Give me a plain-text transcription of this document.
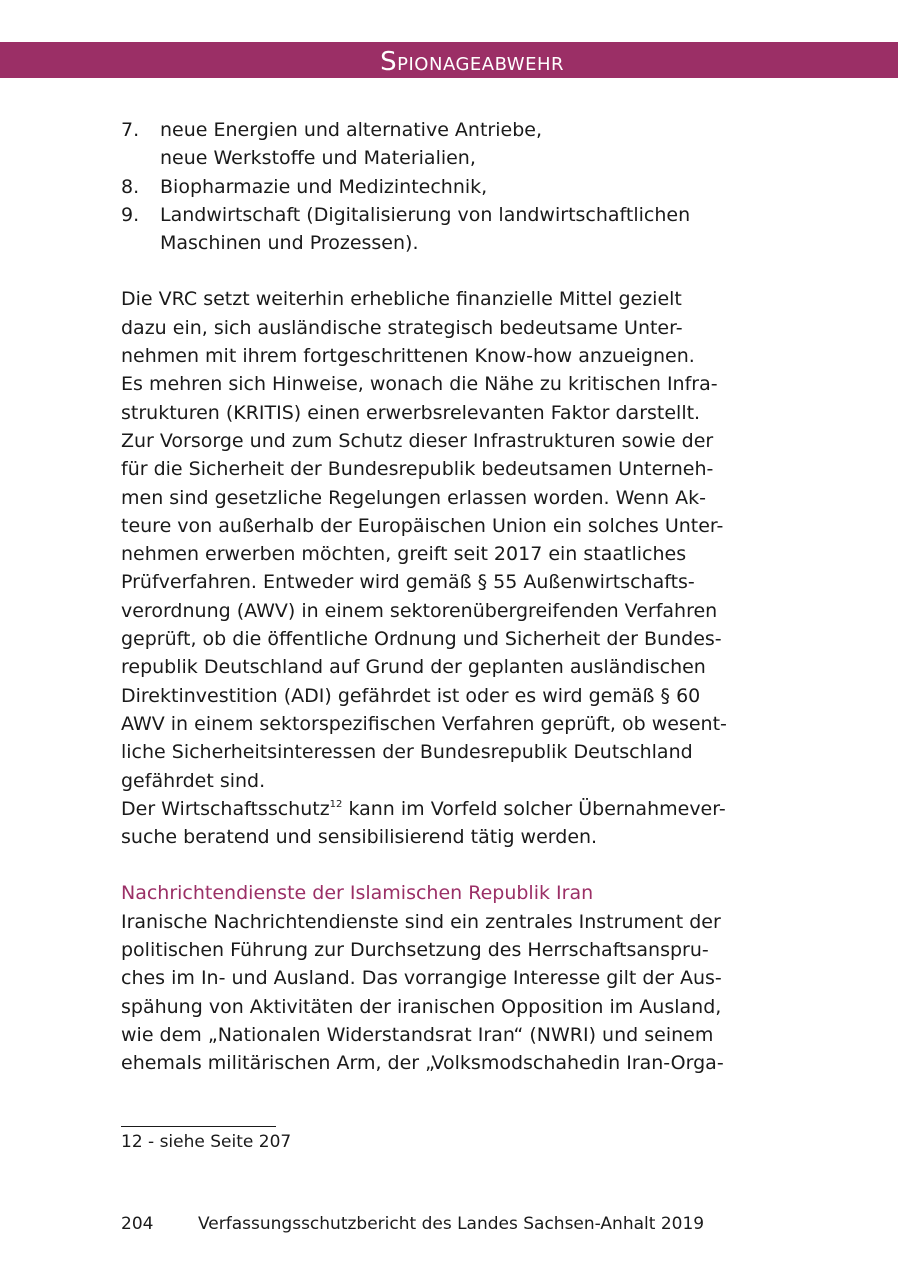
Spionageabwehr
7. neue Energien und alternative Antriebe,
neue Werkstoffe und Materialien,
8. Biopharmazie und Medizintechnik,
9. Landwirtschaft (Digitalisierung von landwirtschaftlichen
Maschinen und Prozessen).
Die VRC setzt weiterhin erhebliche finanzielle Mittel gezielt
dazu ein, sich ausländische strategisch bedeutsame Unter-
nehmen mit ihrem fortgeschrittenen Know-how anzueignen.
Es mehren sich Hinweise, wonach die Nähe zu kritischen Infra-
strukturen (KRITIS) einen erwerbsrelevanten Faktor darstellt.
Zur Vorsorge und zum Schutz dieser Infrastrukturen sowie der
für die Sicherheit der Bundesrepublik bedeutsamen Unterneh-
men sind gesetzliche Regelungen erlassen worden. Wenn Ak-
teure von außerhalb der Europäischen Union ein solches Unter-
nehmen erwerben möchten, greift seit 2017 ein staatliches
Prüfverfahren. Entweder wird gemäß § 55 Außenwirtschafts-
verordnung (AWV) in einem sektorenübergreifenden Verfahren
geprüft, ob die öffentliche Ordnung und Sicherheit der Bundes-
republik Deutschland auf Grund der geplanten ausländischen
Direktinvestition (ADI) gefährdet ist oder es wird gemäß § 60
AWV in einem sektorspezifischen Verfahren geprüft, ob wesent-
liche Sicherheitsinteressen der Bundesrepublik Deutschland
gefährdet sind.
Der Wirtschaftsschutz$^{12}$ kann im Vorfeld solcher Übernahmever-
suche beratend und sensibilisierend tätig werden.
Nachrichtendienste der Islamischen Republik Iran
Iranische Nachrichtendienste sind ein zentrales Instrument der
politischen Führung zur Durchsetzung des Herrschaftsanspru-
ches im In- und Ausland. Das vorrangige Interesse gilt der Aus-
spähung von Aktivitäten der iranischen Opposition im Ausland,
wie dem „Nationalen Widerstandsrat Iran“ (NWRI) und seinem
ehemals militärischen Arm, der „Volksmodschahedin Iran-Orga-
12 - siehe Seite 207
204	Verfassungsschutzbericht des Landes Sachsen-Anhalt 2019
